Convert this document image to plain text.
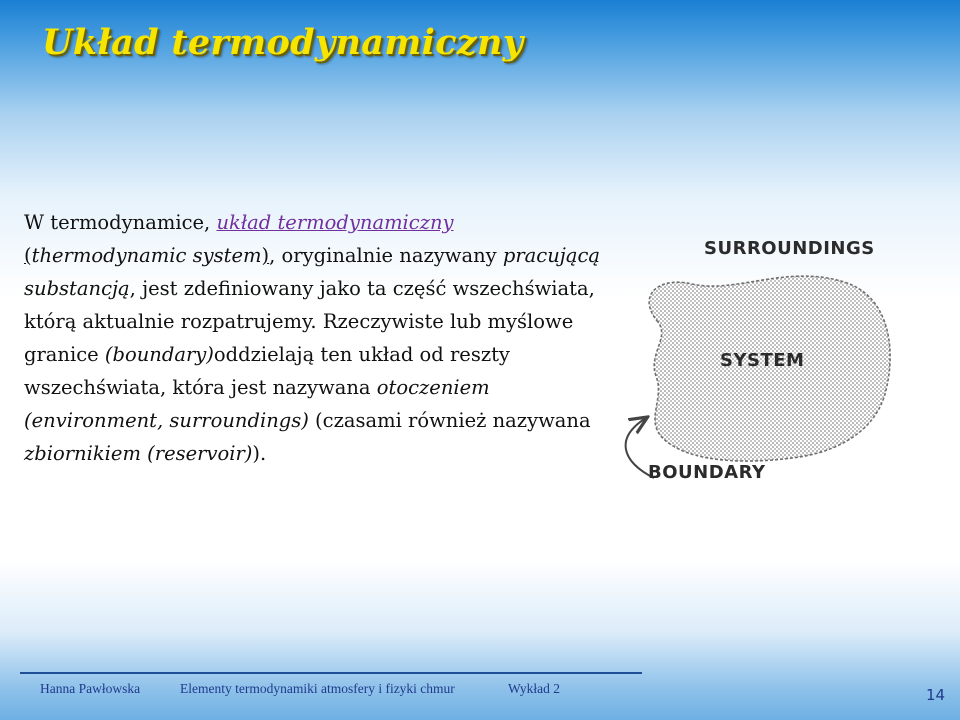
Układ termodynamiczny

W termodynamice, układ termodynamiczny
(thermodynamic system), oryginalnie nazywany pracującą substancją, jest zdefiniowany jako ta część wszechświata, którą aktualnie rozpatrujemy. Rzeczywiste lub myślowe granice (boundary)oddzielają ten układ od reszty wszechświata, która jest nazywana otoczeniem (environment, surroundings) (czasami również nazywana zbiornikiem (reservoir)).

SURROUNDINGS
SYSTEM
BOUNDARY
Hanna Pawłowska	Elementy termodynamiki atmosfery i fizyki chmur	Wykład 2	14
